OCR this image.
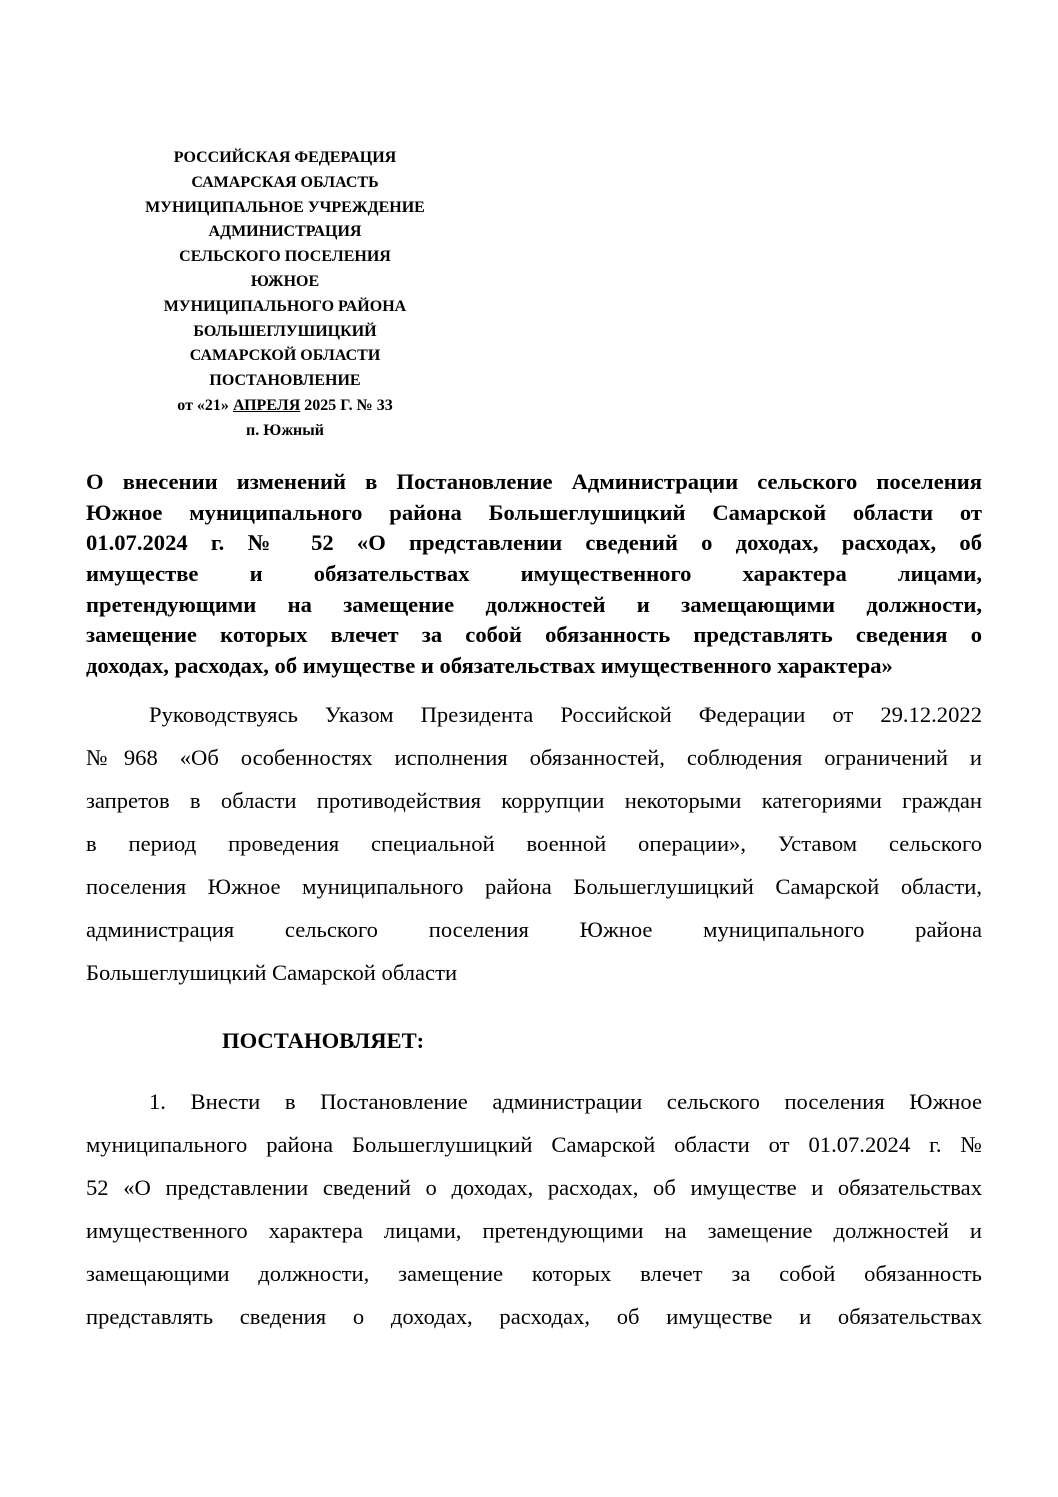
РОССИЙСКАЯ ФЕДЕРАЦИЯ
САМАРСКАЯ ОБЛАСТЬ
МУНИЦИПАЛЬНОЕ УЧРЕЖДЕНИЕ
АДМИНИСТРАЦИЯ
СЕЛЬСКОГО ПОСЕЛЕНИЯ
ЮЖНОЕ
МУНИЦИПАЛЬНОГО РАЙОНА
БОЛЬШЕГЛУШИЦКИЙ
САМАРСКОЙ ОБЛАСТИ
ПОСТАНОВЛЕНИЕ
от «21» АПРЕЛЯ 2025 Г. № 33
п. Южный
О внесении изменений в Постановление Администрации сельского поселения
Южное муниципального района Большеглушицкий Самарской области от
01.07.2024 г. № 52 «О представлении сведений о доходах, расходах, об
имуществе и обязательствах имущественного характера лицами,
претендующими на замещение должностей и замещающими должности,
замещение которых влечет за собой обязанность представлять сведения о
доходах, расходах, об имуществе и обязательствах имущественного характера»
Руководствуясь Указом Президента Российской Федерации от 29.12.2022
№968 «Об особенностях исполнения обязанностей, соблюдения ограничений и
запретов в области противодействия коррупции некоторыми категориями граждан
в период проведения специальной военной операции», Уставом сельского
поселения Южное муниципального района Большеглушицкий Самарской области,
администрация сельского поселения Южное муниципального района
Большеглушицкий Самарской области
ПОСТАНОВЛЯЕТ:
1. Внести в Постановление администрации сельского поселения Южное
муниципального района Большеглушицкий Самарской области от 01.07.2024 г. №
52 «О представлении сведений о доходах, расходах, об имуществе и обязательствах
имущественного характера лицами, претендующими на замещение должностей и
замещающими должности, замещение которых влечет за собой обязанность
представлять сведения о доходах, расходах, об имуществе и обязательствах
